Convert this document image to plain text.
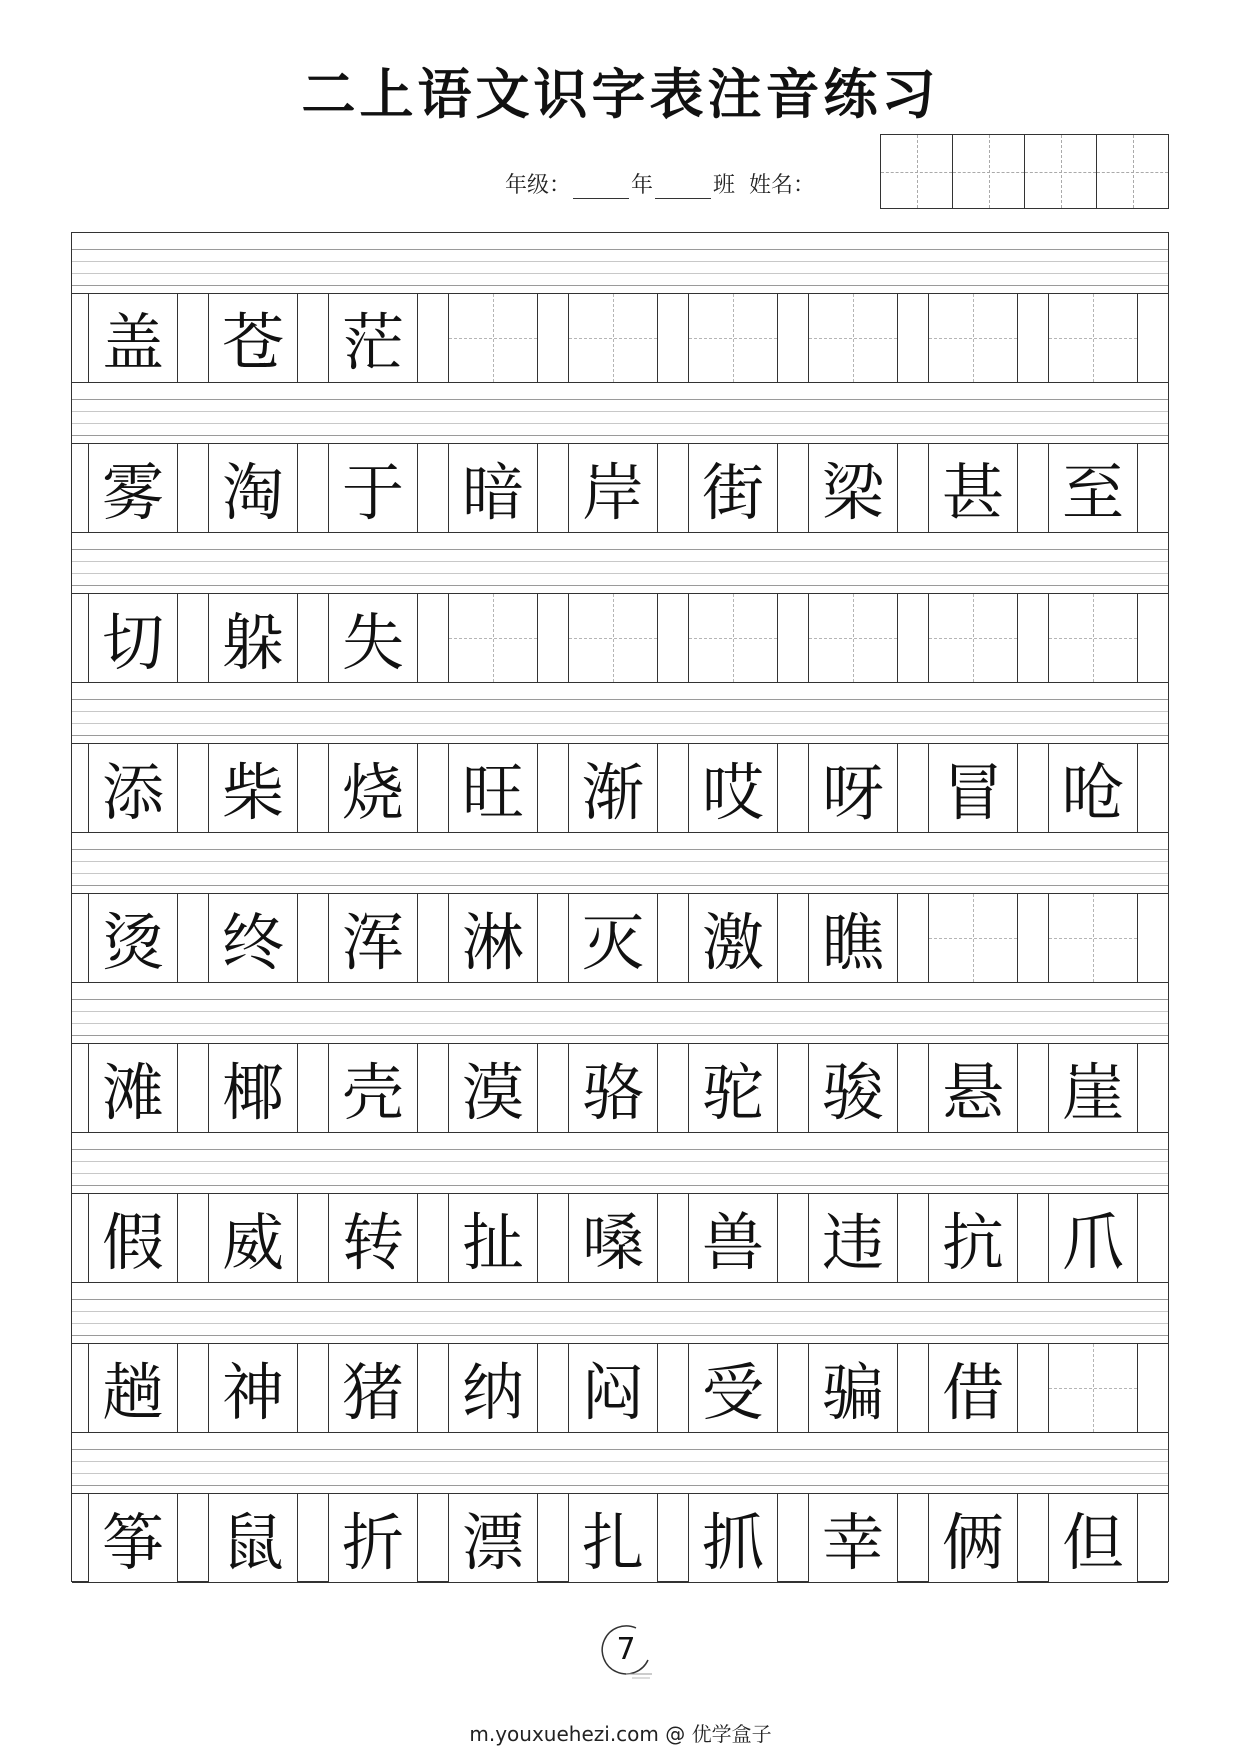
二上语文识字表注音练习
年级：	年	班 姓名：
盖 苍 茫
雾 淘 于 暗 岸 街 梁 甚 至
切 躲 失
添 柴 烧 旺 渐 哎 呀 冒 呛
烫 终 浑 淋 灭 激 瞧
滩 椰 壳 漠 骆 驼 骏 悬 崖
假 威 转 扯 嗓 兽 违 抗 爪
趟 神 猪 纳 闷 受 骗 借
筝 鼠 折 漂 扎 抓 幸 俩 但
7
m.youxuehezi.com @ 优学盒子
